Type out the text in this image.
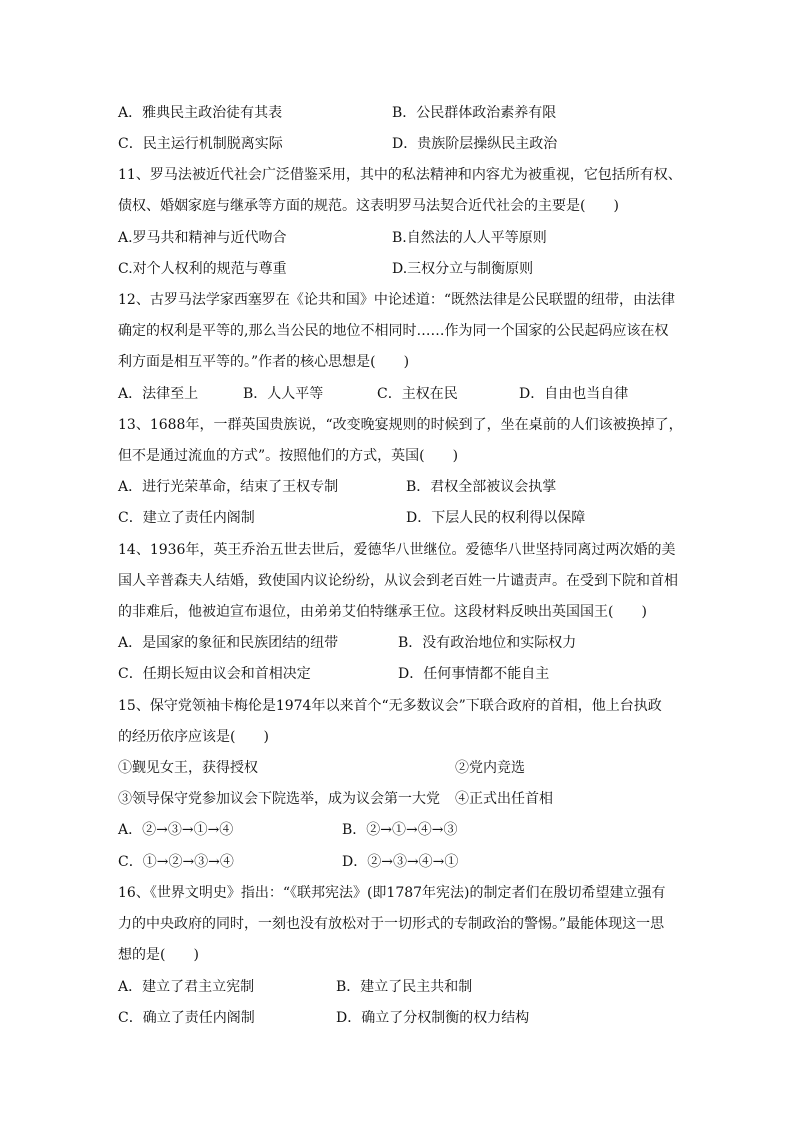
A．雅典民主政治徒有其表	B．公民群体政治素养有限
C．民主运行机制脱离实际	D．贵族阶层操纵民主政治
11、罗马法被近代社会广泛借鉴采用，其中的私法精神和内容尤为被重视，它包括所有权、
债权、婚姻家庭与继承等方面的规范。这表明罗马法契合近代社会的主要是(　　)
A.罗马共和精神与近代吻合	B.自然法的人人平等原则
C.对个人权利的规范与尊重	D.三权分立与制衡原则
12、古罗马法学家西塞罗在《论共和国》中论述道：“既然法律是公民联盟的纽带，由法律
确定的权利是平等的,那么当公民的地位不相同时……作为同一个国家的公民起码应该在权
利方面是相互平等的。”作者的核心思想是(　　)
A．法律至上	B．人人平等	C．主权在民	D．自由也当自律
13、1688年，一群英国贵族说，“改变晚宴规则的时候到了，坐在桌前的人们该被换掉了，
但不是通过流血的方式”。按照他们的方式，英国(　　)
A．进行光荣革命，结束了王权专制	B．君权全部被议会执掌
C．建立了责任内阁制	D．下层人民的权利得以保障
14、1936年，英王乔治五世去世后，爱德华八世继位。爱德华八世坚持同离过两次婚的美
国人辛普森夫人结婚，致使国内议论纷纷，从议会到老百姓一片谴责声。在受到下院和首相
的非难后，他被迫宣布退位，由弟弟艾伯特继承王位。这段材料反映出英国国王(　　)
A．是国家的象征和民族团结的纽带	B．没有政治地位和实际权力
C．任期长短由议会和首相决定	D．任何事情都不能自主
15、保守党领袖卡梅伦是1974年以来首个“无多数议会”下联合政府的首相，他上台执政
的经历依序应该是(　　)
①觐见女王，获得授权	②党内竞选
③领导保守党参加议会下院选举，成为议会第一大党 ④正式出任首相
A．②→③→①→④	B．②→①→④→③
C．①→②→③→④	D．②→③→④→①
16、《世界文明史》指出：“《联邦宪法》(即1787年宪法)的制定者们在殷切希望建立强有
力的中央政府的同时，一刻也没有放松对于一切形式的专制政治的警惕。”最能体现这一思
想的是(　　)
A．建立了君主立宪制	B．建立了民主共和制
C．确立了责任内阁制	D．确立了分权制衡的权力结构
